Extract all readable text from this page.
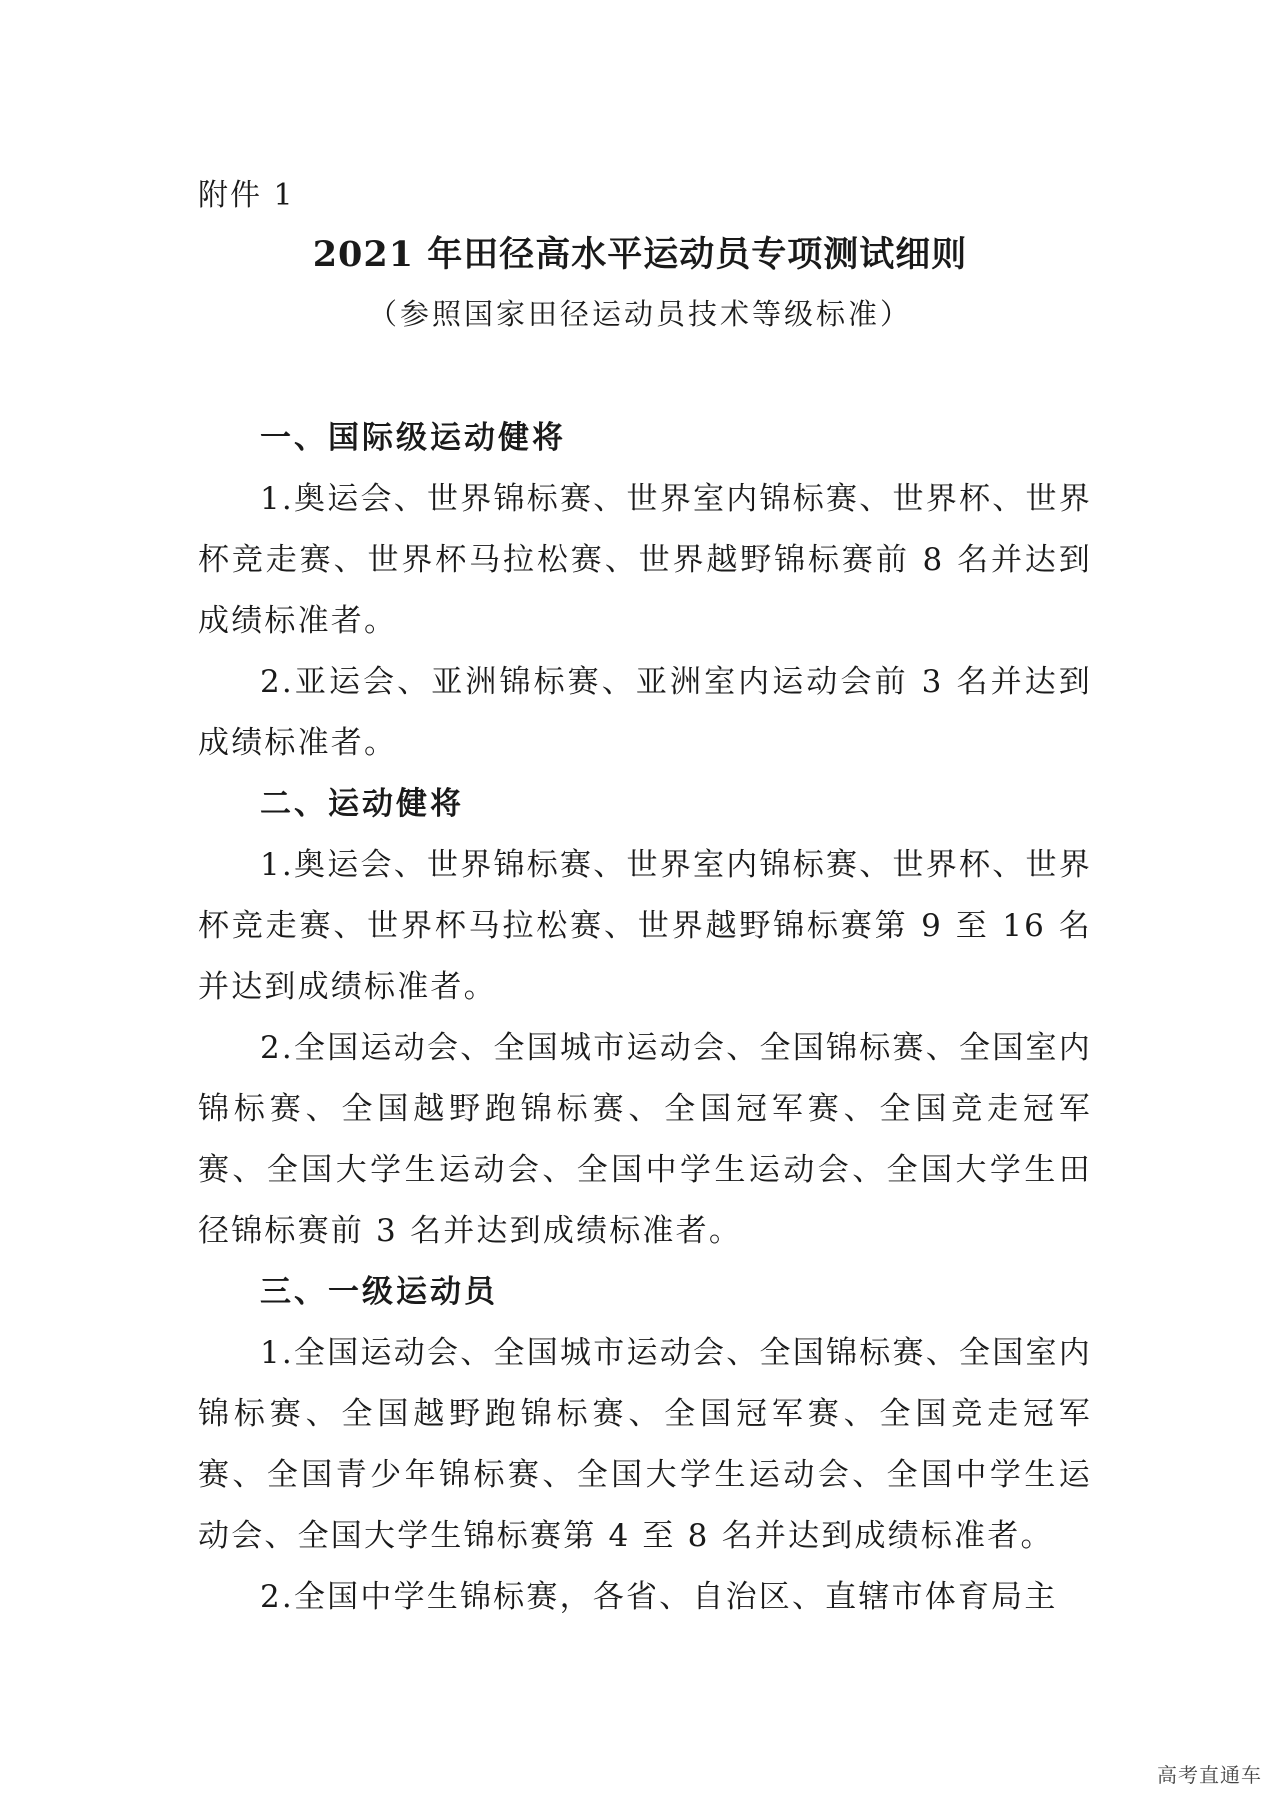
附件 1
2021 年田径高水平运动员专项测试细则
（参照国家田径运动员技术等级标准）

一、国际级运动健将

1.奥运会、世界锦标赛、世界室内锦标赛、世界杯、世界杯竞走赛、世界杯马拉松赛、世界越野锦标赛前 8 名并达到成绩标准者。

2.亚运会、亚洲锦标赛、亚洲室内运动会前 3 名并达到成绩标准者。

二、运动健将

1.奥运会、世界锦标赛、世界室内锦标赛、世界杯、世界杯竞走赛、世界杯马拉松赛、世界越野锦标赛第 9 至 16 名并达到成绩标准者。

2.全国运动会、全国城市运动会、全国锦标赛、全国室内锦标赛、全国越野跑锦标赛、全国冠军赛、全国竞走冠军赛、全国大学生运动会、全国中学生运动会、全国大学生田径锦标赛前 3 名并达到成绩标准者。

三、一级运动员

1.全国运动会、全国城市运动会、全国锦标赛、全国室内锦标赛、全国越野跑锦标赛、全国冠军赛、全国竞走冠军赛、全国青少年锦标赛、全国大学生运动会、全国中学生运动会、全国大学生锦标赛第 4 至 8 名并达到成绩标准者。

2.全国中学生锦标赛，各省、自治区、直辖市体育局主

高考直通车
